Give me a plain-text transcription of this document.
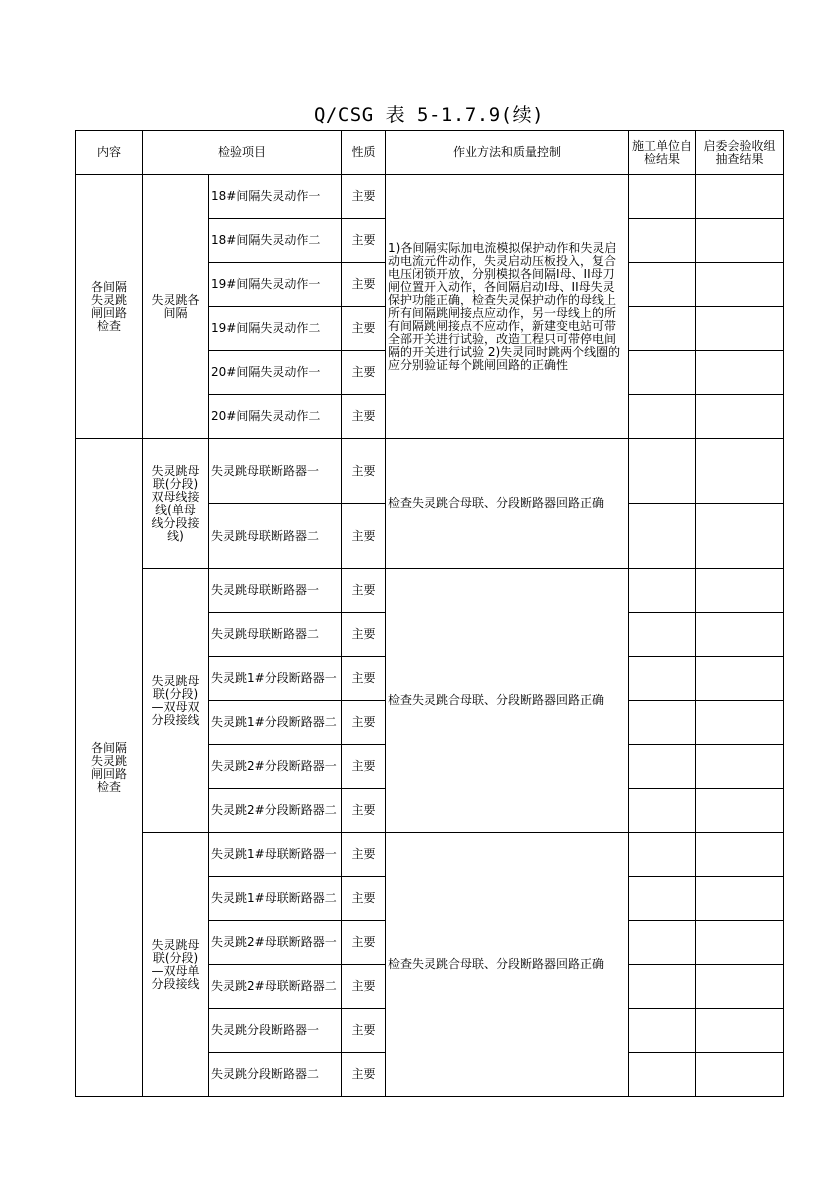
Q/CSG 表 5-1.7.9(续)
内容	检验项目		性质	作业方法和质量控制	施工单位自检结果	启委会验收组抽查结果
各间隔失灵跳闸回路检查	失灵跳各间隔	18#间隔失灵动作一	主要	1)各间隔实际加电流模拟保护动作和失灵启动电流元件动作，失灵启动压板投入，复合电压闭锁开放，分别模拟各间隔I母、II母刀闸位置开入动作，各间隔启动I母、II母失灵保护功能正确，检查失灵保护动作的母线上所有间隔跳闸接点应动作，另一母线上的所有间隔跳闸接点不应动作，新建变电站可带全部开关进行试验，改造工程只可带停电间隔的开关进行试验 2)失灵同时跳两个线圈的应分别验证每个跳闸回路的正确性		
		18#间隔失灵动作二	主要			
		19#间隔失灵动作一	主要			
		19#间隔失灵动作二	主要			
		20#间隔失灵动作一	主要			
		20#间隔失灵动作二	主要			
各间隔失灵跳闸回路检查	失灵跳母联(分段)双母线接线(单母线分段接线)	失灵跳母联断路器一	主要	检查失灵跳合母联、分段断路器回路正确		
		失灵跳母联断路器二	主要			
	失灵跳母联(分段)—双母双分段接线	失灵跳母联断路器一	主要	检查失灵跳合母联、分段断路器回路正确		
		失灵跳母联断路器二	主要			
		失灵跳1#分段断路器一	主要			
		失灵跳1#分段断路器二	主要			
		失灵跳2#分段断路器一	主要			
		失灵跳2#分段断路器二	主要			
	失灵跳母联(分段)—双母单分段接线	失灵跳1#母联断路器一	主要	检查失灵跳合母联、分段断路器回路正确		
		失灵跳1#母联断路器二	主要			
		失灵跳2#母联断路器一	主要			
		失灵跳2#母联断路器二	主要			
		失灵跳分段断路器一	主要			
		失灵跳分段断路器二	主要			
